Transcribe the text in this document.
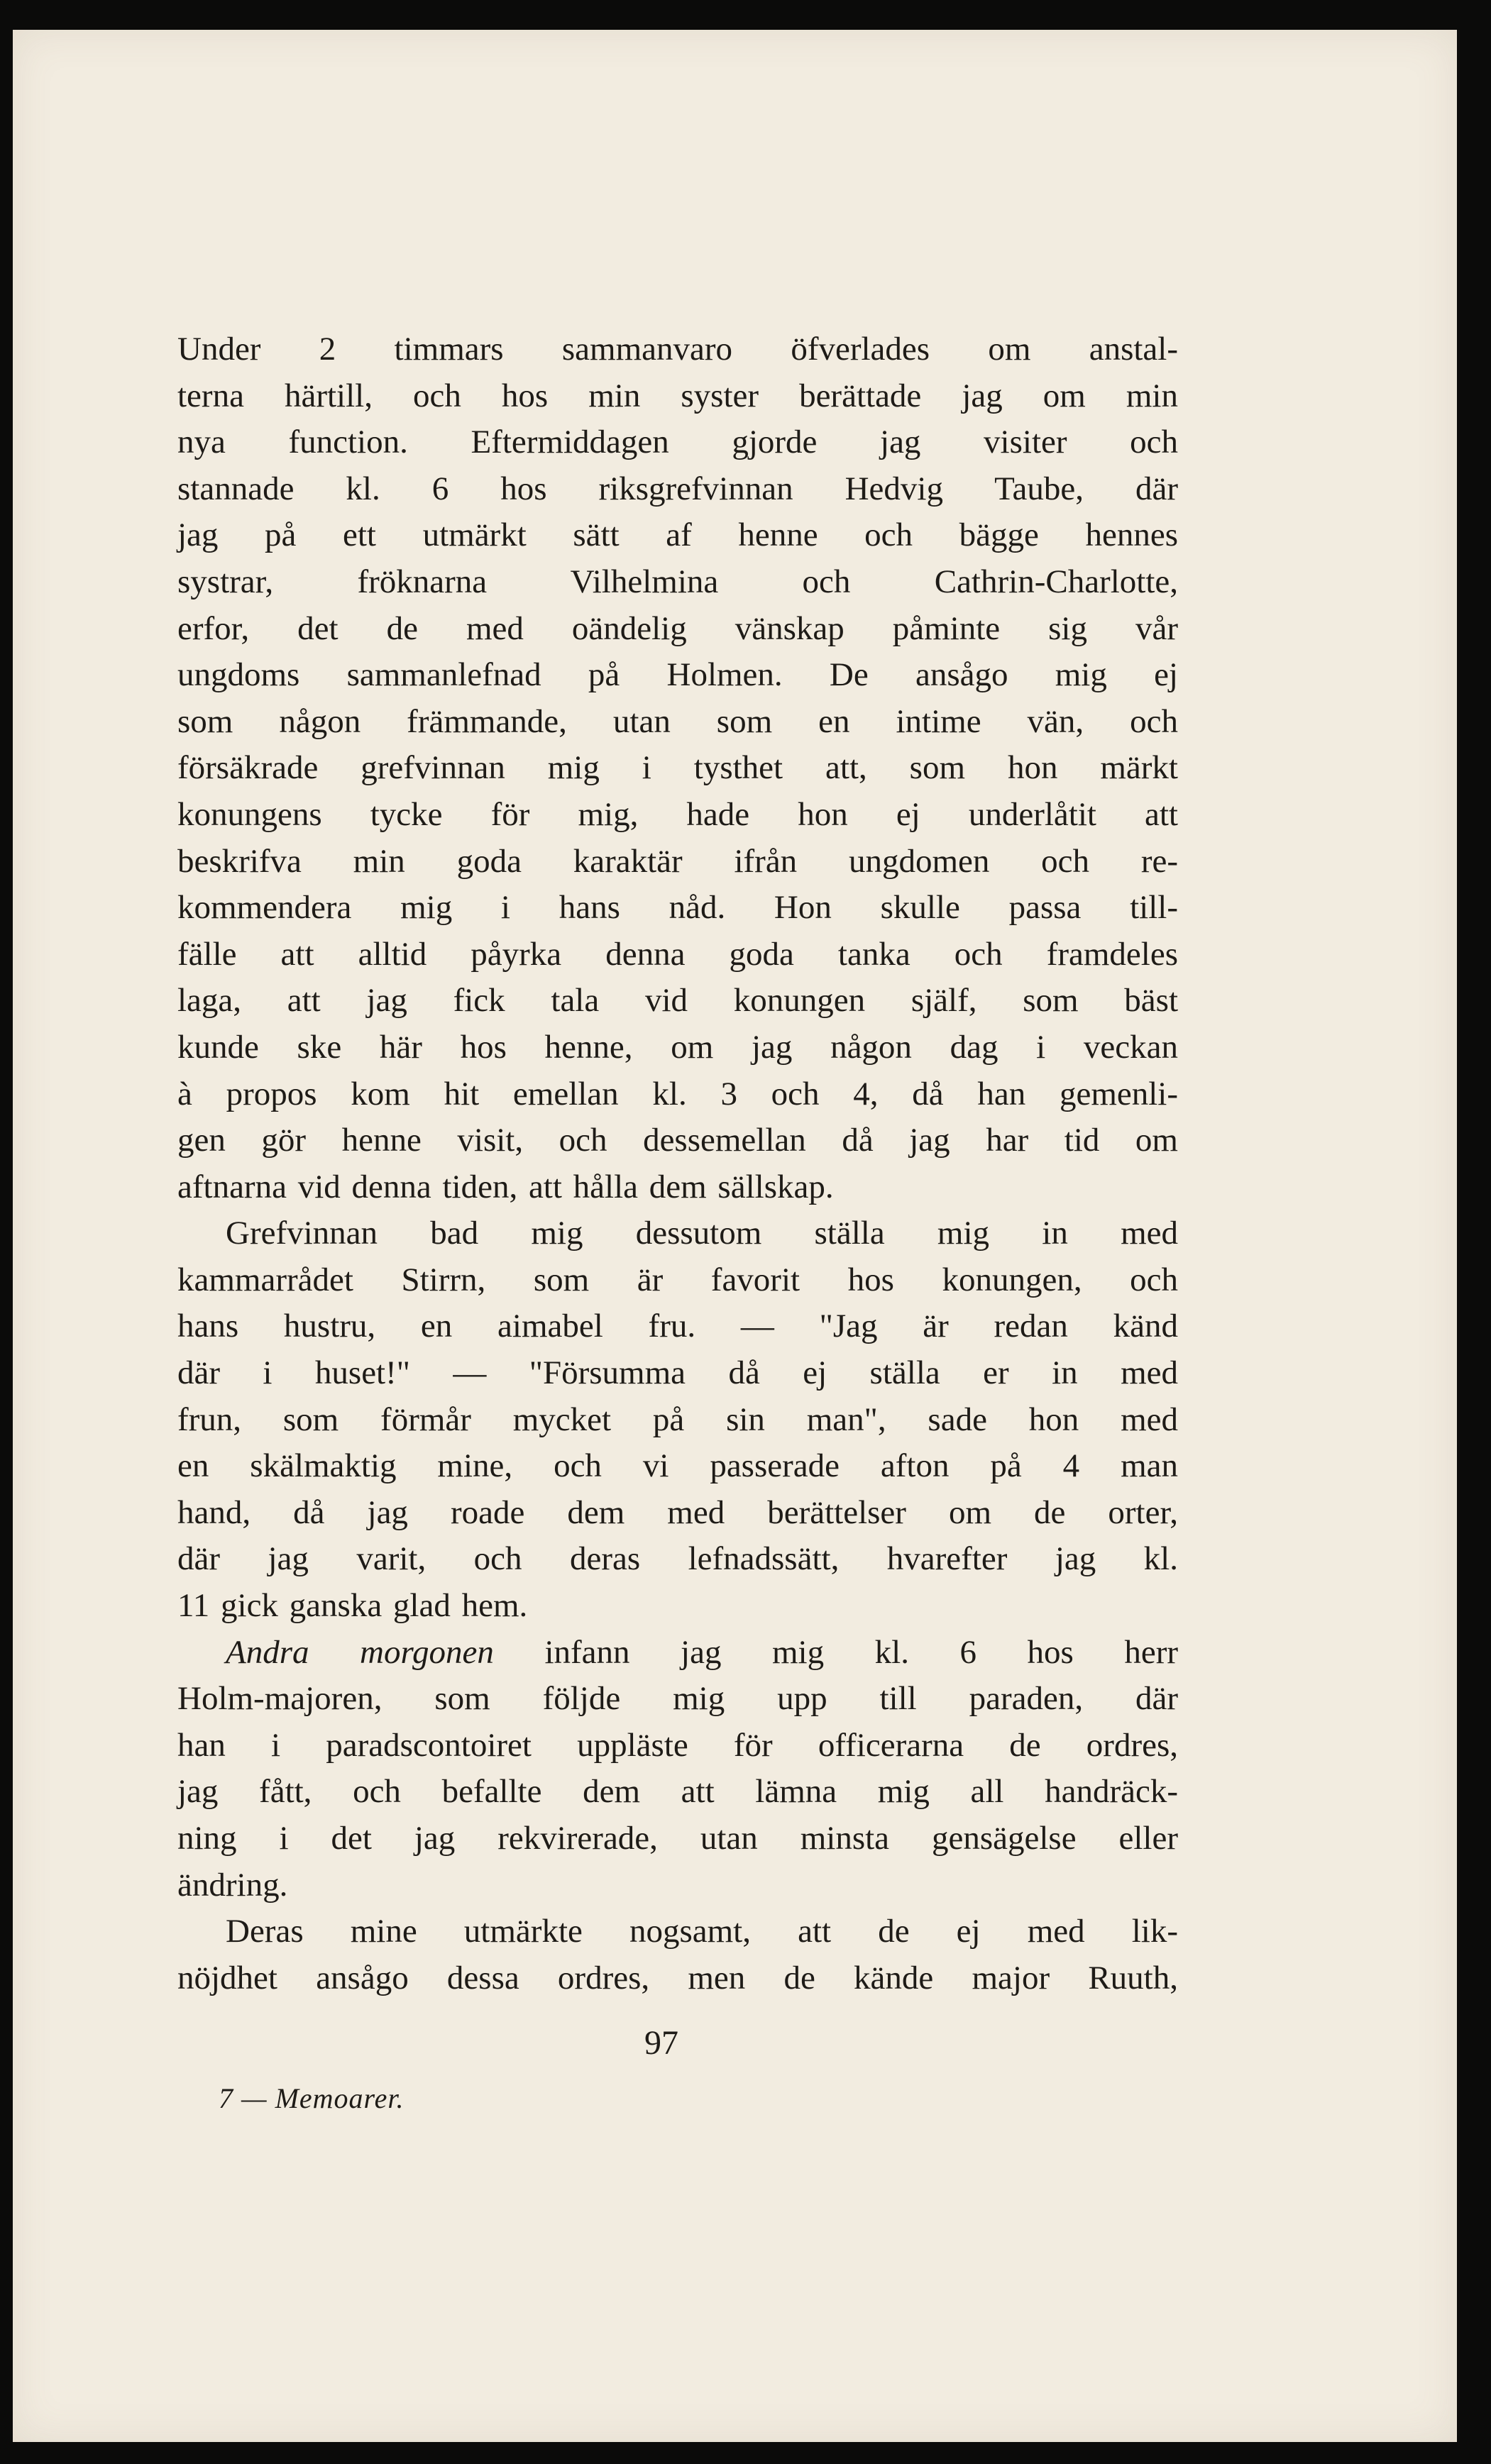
Under 2 timmars sammanvaro öfverlades om anstal-

terna härtill, och hos min syster berättade jag om min

nya function. Eftermiddagen gjorde jag visiter och

stannade kl. 6 hos riksgrefvinnan Hedvig Taube, där

jag på ett utmärkt sätt af henne och bägge hennes

systrar, fröknarna Vilhelmina och Cathrin-Charlotte,

erfor, det de med oändelig vänskap påminte sig vår

ungdoms sammanlefnad på Holmen. De ansågo mig ej

som någon främmande, utan som en intime vän, och

försäkrade grefvinnan mig i tysthet att, som hon märkt

konungens tycke för mig, hade hon ej underlåtit att

beskrifva min goda karaktär ifrån ungdomen och re-

kommendera mig i hans nåd. Hon skulle passa till-

fälle att alltid påyrka denna goda tanka och framdeles

laga, att jag fick tala vid konungen själf, som bäst

kunde ske här hos henne, om jag någon dag i veckan

à propos kom hit emellan kl. 3 och 4, då han gemenli-

gen gör henne visit, och dessemellan då jag har tid om

aftnarna vid denna tiden, att hålla dem sällskap.

Grefvinnan bad mig dessutom ställa mig in med

kammarrådet Stirrn, som är favorit hos konungen, och

hans hustru, en aimabel fru. — "Jag är redan känd

där i huset!" — "Försumma då ej ställa er in med

frun, som förmår mycket på sin man", sade hon med

en skälmaktig mine, och vi passerade afton på 4 man

hand, då jag roade dem med berättelser om de orter,

där jag varit, och deras lefnadssätt, hvarefter jag kl.

11 gick ganska glad hem.

Andra morgonen infann jag mig kl. 6 hos herr

Holm-majoren, som följde mig upp till paraden, där

han i paradscontoiret uppläste för officerarna de ordres,

jag fått, och befallte dem att lämna mig all handräck-

ning i det jag rekvirerade, utan minsta gensägelse eller

ändring.

Deras mine utmärkte nogsamt, att de ej med lik-

nöjdhet ansågo dessa ordres, men de kände major Ruuth,

97
7 — Memoarer.
